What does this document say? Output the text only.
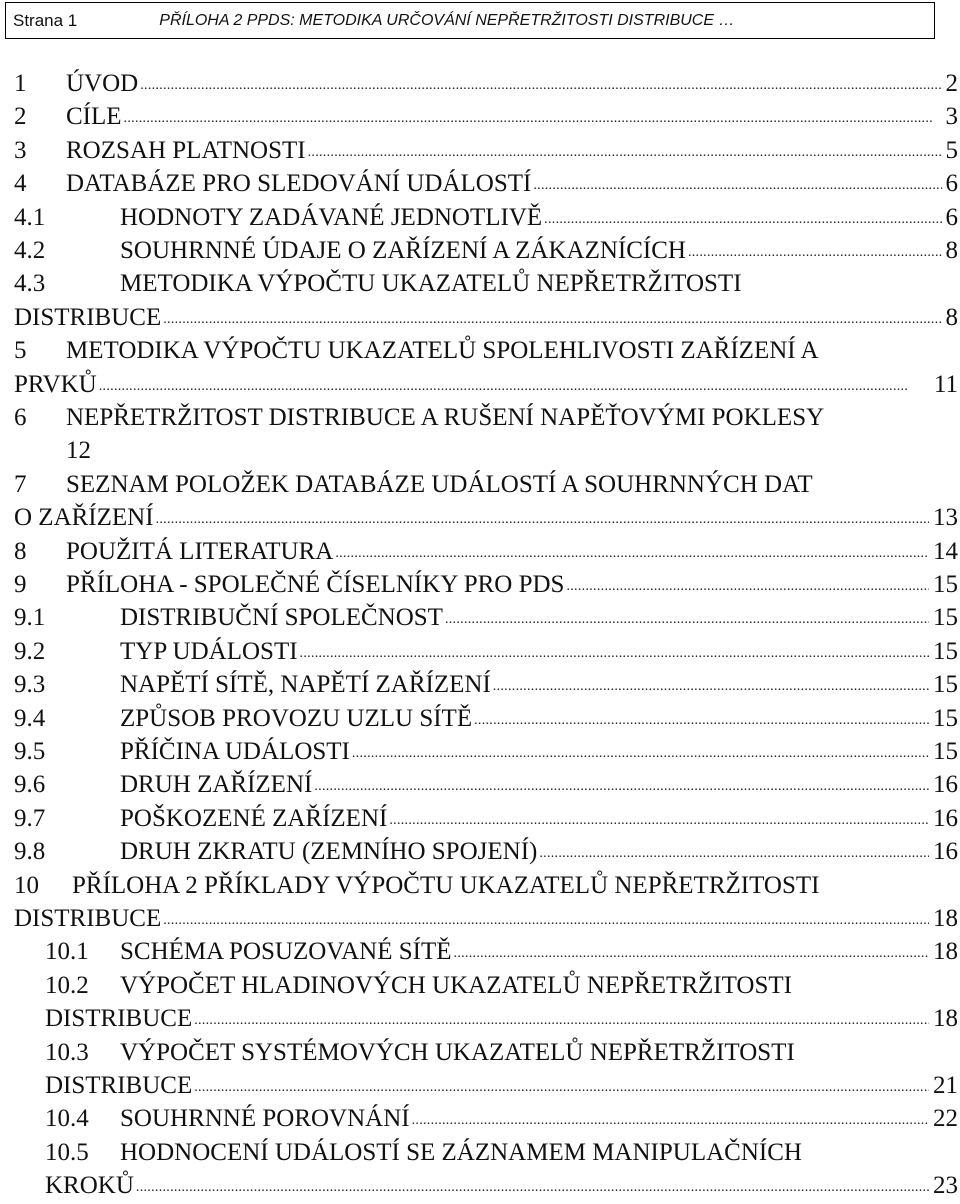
Strana 1	PŘÍLOHA 2 PPDS: METODIKA URČOVÁNÍ NEPŘETRŽITOSTI DISTRIBUCE …
1 ÚVOD	2
. . .
2 CÍLE	3
. . .
3 ROZSAH PLATNOSTI	5
. . .
4 DATABÁZE PRO SLEDOVÁNÍ UDÁLOSTÍ	6
. . .
4.1	HODNOTY ZADÁVANÉ JEDNOTLIVĚ	6
. . .
4.2	SOUHRNNÉ ÚDAJE O ZAŘÍZENÍ A ZÁKAZNÍCÍCH	8
. . .
4.3	METODIKA VÝPOČTU UKAZATELŮ NEPŘETRŽITOSTI
DISTRIBUCE	8
. . .
5 METODIKA VÝPOČTU UKAZATELŮ SPOLEHLIVOSTI ZAŘÍZENÍ A
PRVKŮ	11
. . .
6 NEPŘETRŽITOST DISTRIBUCE A RUŠENÍ NAPĚŤOVÝMI POKLESY
12
7 SEZNAM POLOŽEK DATABÁZE UDÁLOSTÍ A SOUHRNNÝCH DAT
O ZAŘÍZENÍ	13
. . .
8 POUŽITÁ LITERATURA	14
. . .
9 PŘÍLOHA - SPOLEČNÉ ČÍSELNÍKY PRO PDS	15
. . .
9.1	DISTRIBUČNÍ SPOLEČNOST	15
. . .
9.2	TYP UDÁLOSTI	15
. . .
9.3	NAPĚTÍ SÍTĚ, NAPĚTÍ ZAŘÍZENÍ	15
. . .
9.4	ZPŮSOB PROVOZU UZLU SÍTĚ	15
. . .
9.5	PŘÍČINA UDÁLOSTI	15
. . .
9.6	DRUH ZAŘÍZENÍ	16
. . .
9.7	POŠKOZENÉ ZAŘÍZENÍ	16
. . .
9.8	DRUH ZKRATU (ZEMNÍHO SPOJENÍ)	16
. . .
10 PŘÍLOHA 2 PŘÍKLADY VÝPOČTU UKAZATELŮ NEPŘETRŽITOSTI
DISTRIBUCE	18
. . .
10.1 SCHÉMA POSUZOVANÉ SÍTĚ	18
. . .
10.2 VÝPOČET HLADINOVÝCH UKAZATELŮ NEPŘETRŽITOSTI
DISTRIBUCE	18
. . .
10.3 VÝPOČET SYSTÉMOVÝCH UKAZATELŮ NEPŘETRŽITOSTI
DISTRIBUCE	21
. . .
10.4 SOUHRNNÉ POROVNÁNÍ	22
. . .
10.5 HODNOCENÍ UDÁLOSTÍ SE ZÁZNAMEM MANIPULAČNÍCH
KROKŮ	23
. . .
